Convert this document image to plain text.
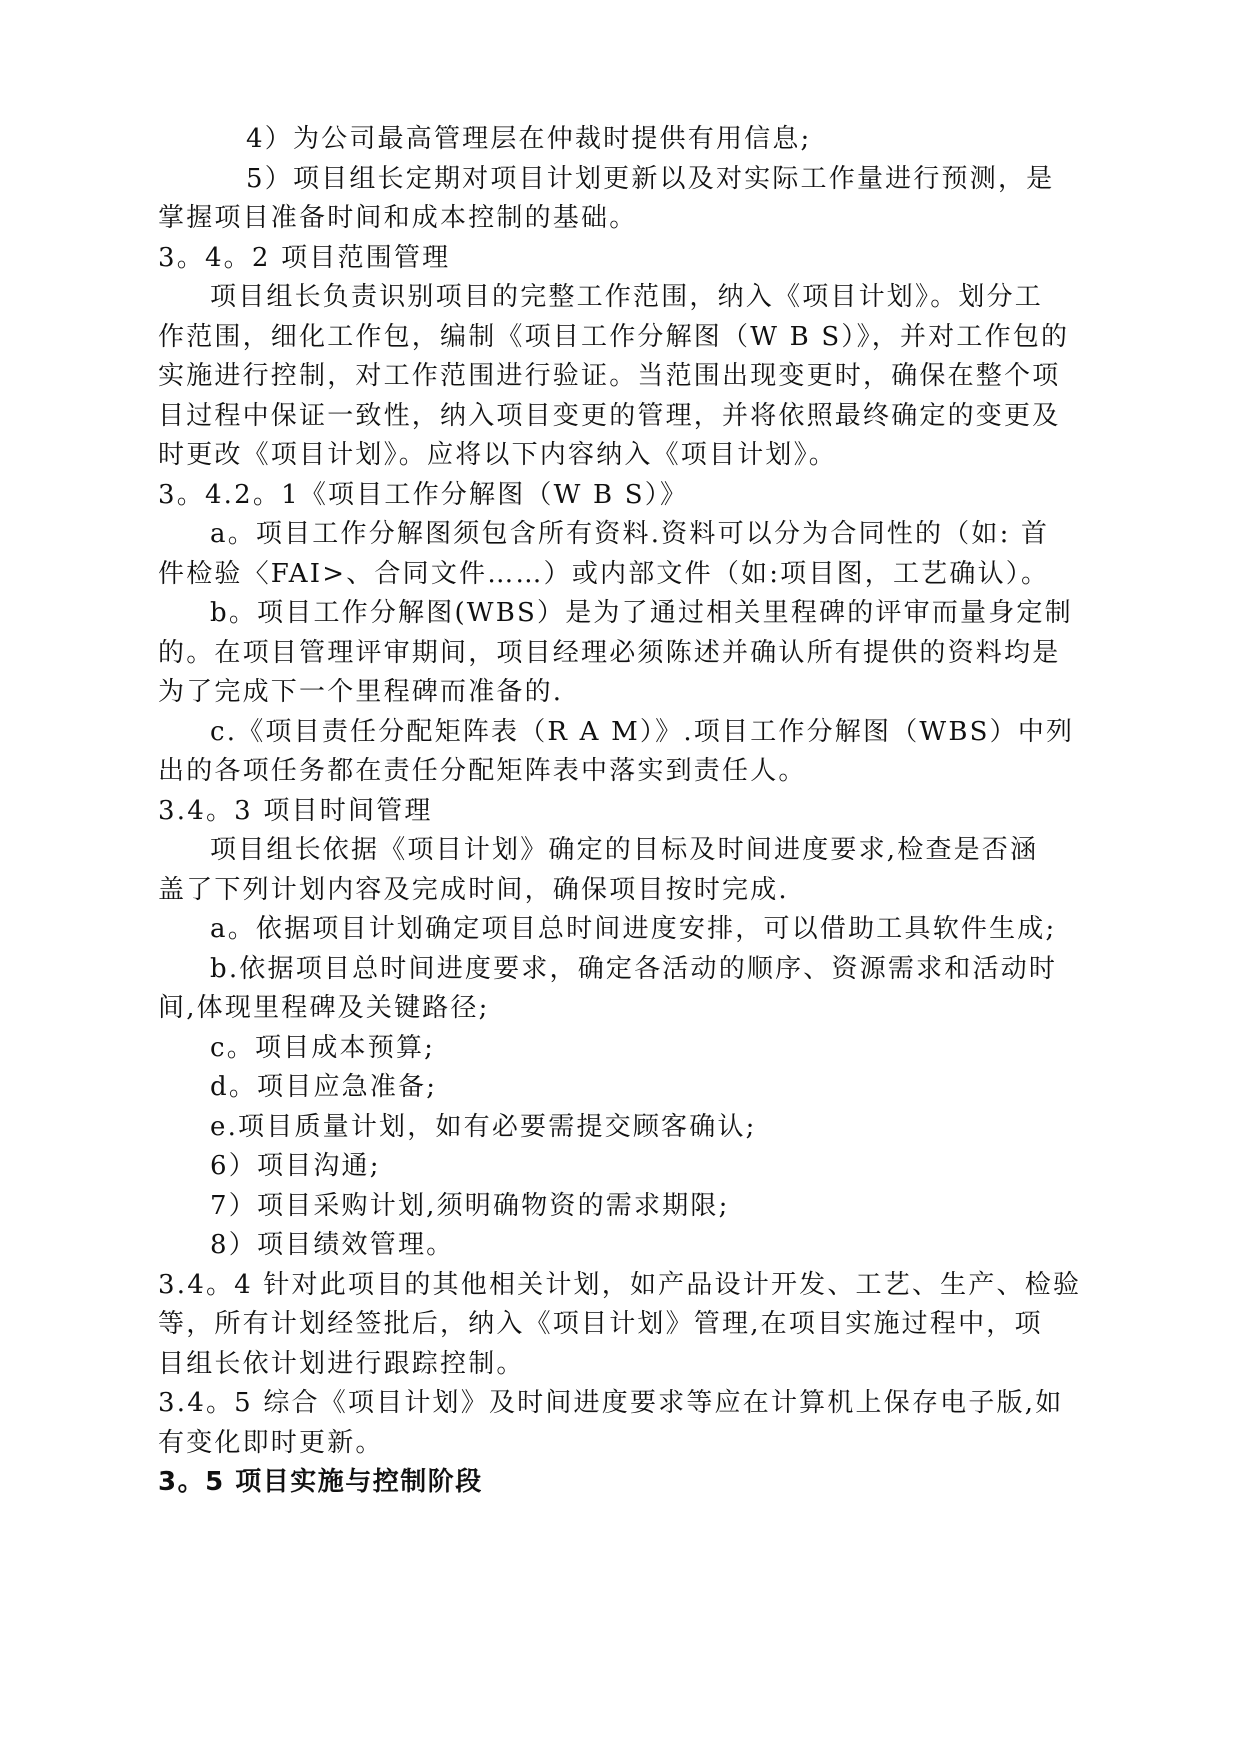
4）为公司最高管理层在仲裁时提供有用信息;
5）项目组长定期对项目计划更新以及对实际工作量进行预测，是
掌握项目准备时间和成本控制的基础。
3。4。2 项目范围管理
项目组长负责识别项目的完整工作范围，纳入《项目计划》。划分工
作范围，细化工作包，编制《项目工作分解图（W B S）》，并对工作包的
实施进行控制，对工作范围进行验证。当范围出现变更时，确保在整个项
目过程中保证一致性，纳入项目变更的管理，并将依照最终确定的变更及
时更改《项目计划》。应将以下内容纳入《项目计划》。
3。4.2。1《项目工作分解图（W B S）》
a。项目工作分解图须包含所有资料.资料可以分为合同性的（如: 首
件检验〈FAI>、合同文件……）或内部文件（如:项目图，工艺确认）。
b。项目工作分解图(WBS）是为了通过相关里程碑的评审而量身定制
的。在项目管理评审期间，项目经理必须陈述并确认所有提供的资料均是
为了完成下一个里程碑而准备的.
c.《项目责任分配矩阵表（R A M）》.项目工作分解图（WBS）中列
出的各项任务都在责任分配矩阵表中落实到责任人。
3.4。3 项目时间管理
项目组长依据《项目计划》确定的目标及时间进度要求,检查是否涵
盖了下列计划内容及完成时间，确保项目按时完成.
a。依据项目计划确定项目总时间进度安排，可以借助工具软件生成;
b.依据项目总时间进度要求，确定各活动的顺序、资源需求和活动时
间,体现里程碑及关键路径;
c。项目成本预算;
d。项目应急准备;
e.项目质量计划，如有必要需提交顾客确认;
6）项目沟通;
7）项目采购计划,须明确物资的需求期限;
8）项目绩效管理。
3.4。4 针对此项目的其他相关计划，如产品设计开发、工艺、生产、检验
等，所有计划经签批后，纳入《项目计划》管理,在项目实施过程中，项
目组长依计划进行跟踪控制。
3.4。5 综合《项目计划》及时间进度要求等应在计算机上保存电子版,如
有变化即时更新。
3。5 项目实施与控制阶段
